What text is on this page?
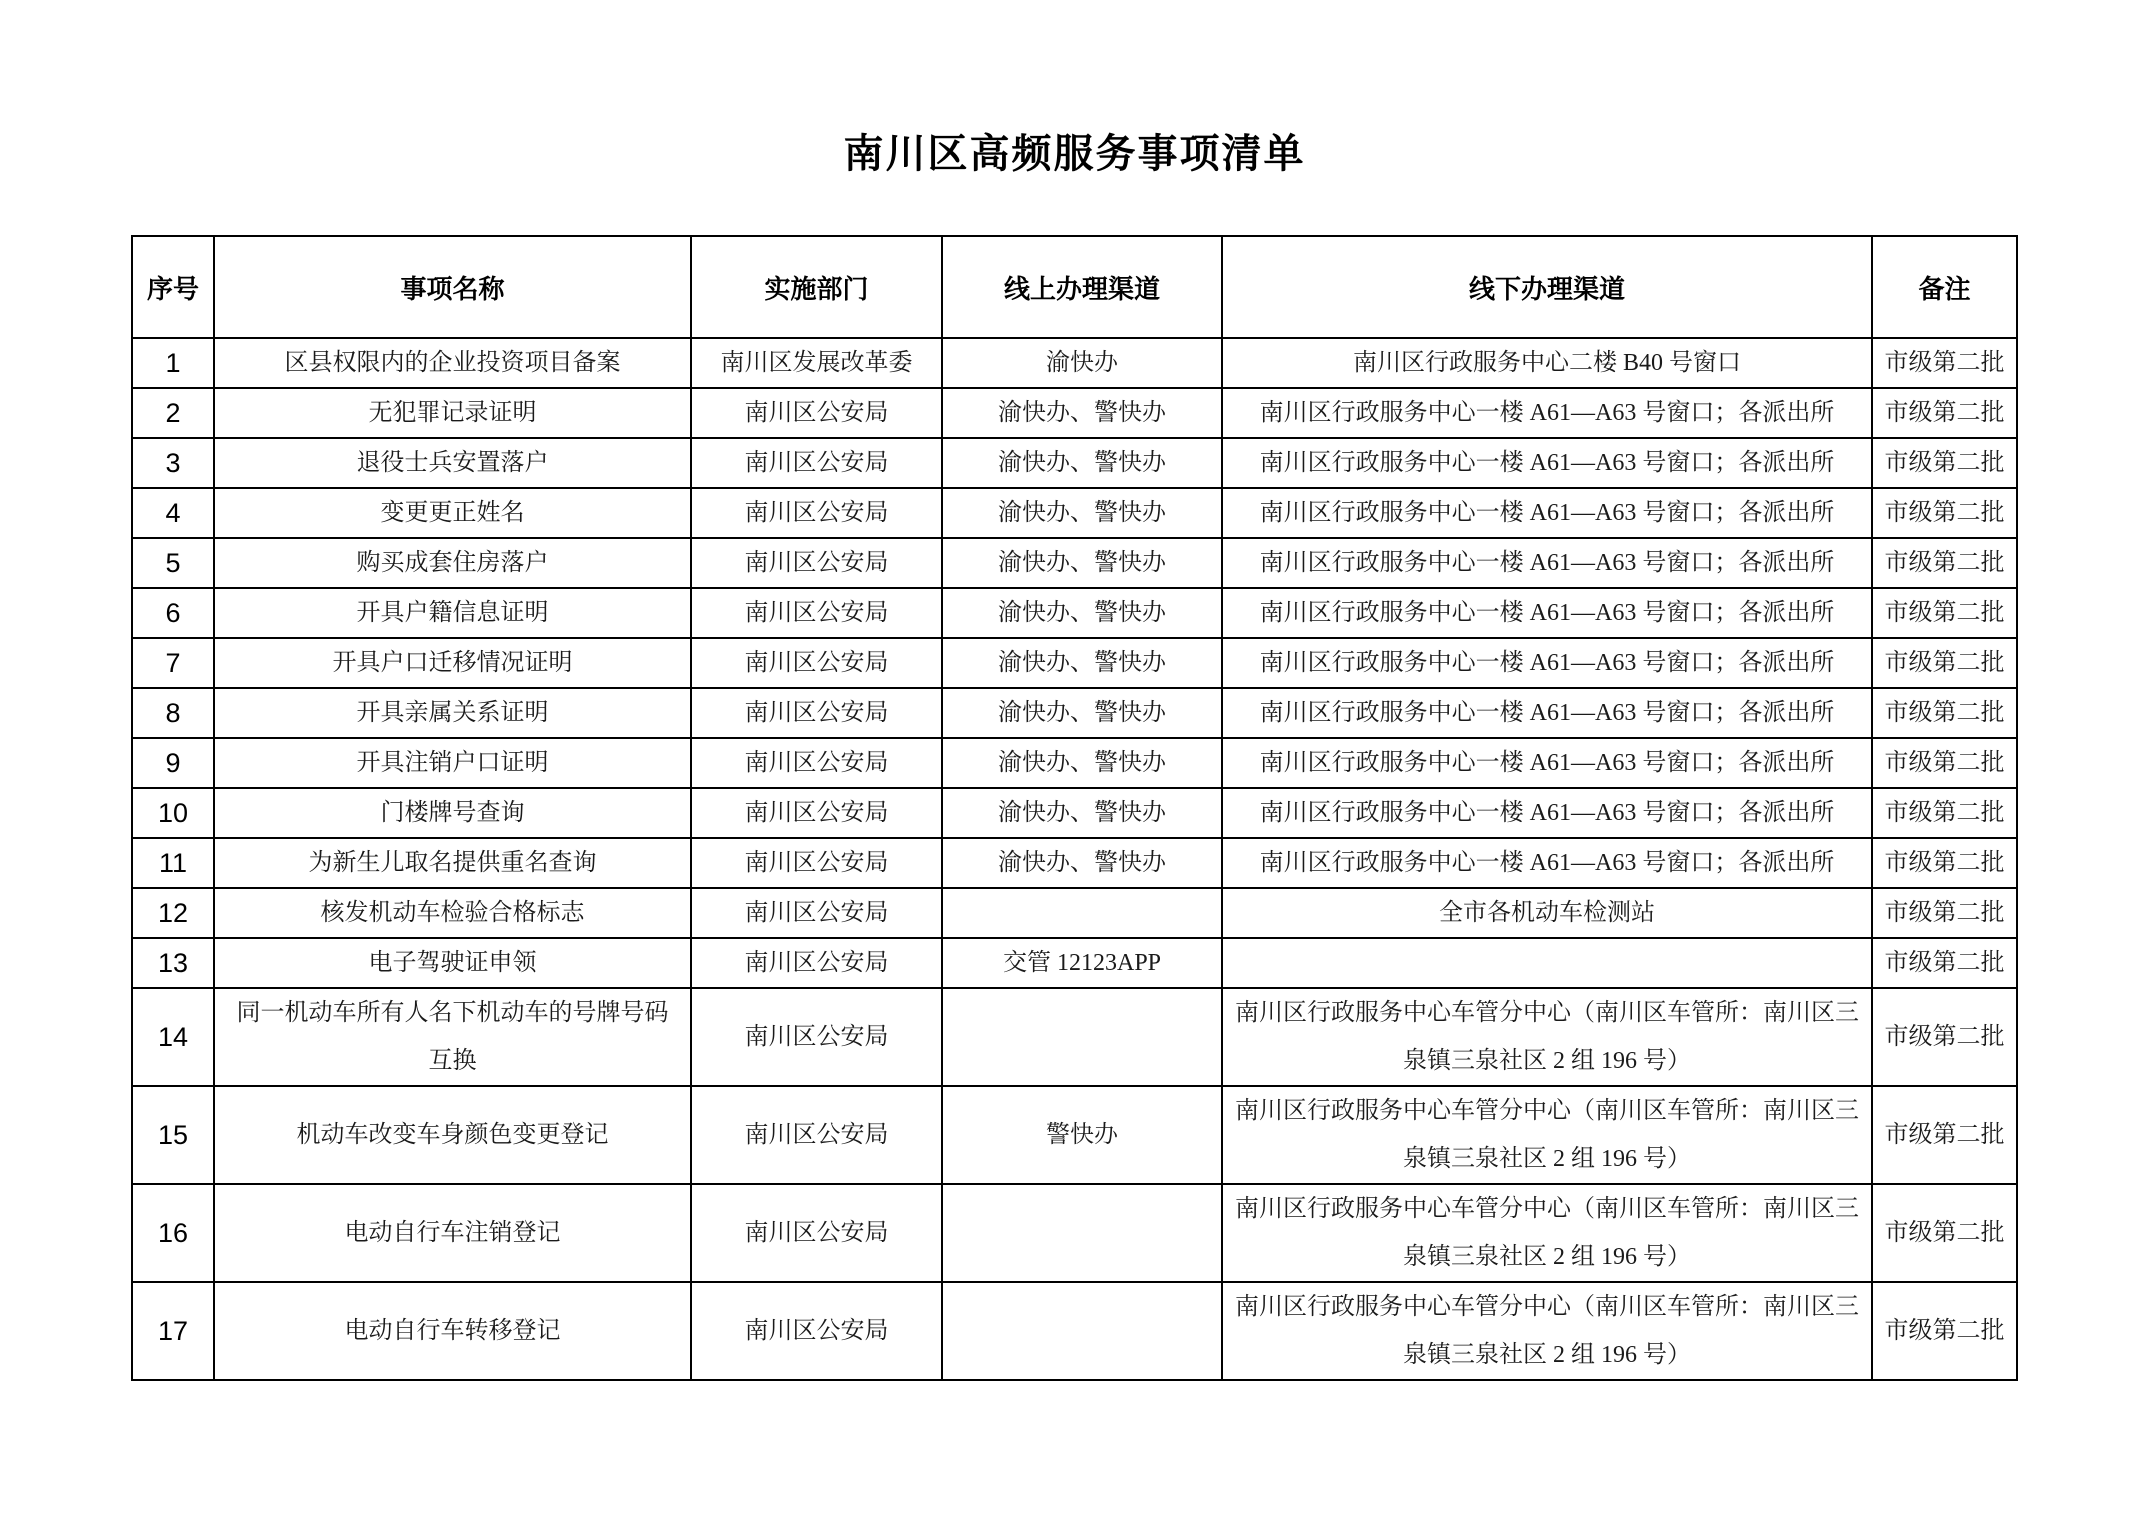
南川区高频服务事项清单
序号	事项名称	实施部门	线上办理渠道	线下办理渠道	备注
1	区县权限内的企业投资项目备案	南川区发展改革委	渝快办	南川区行政服务中心二楼 B40 号窗口	市级第二批
2	无犯罪记录证明	南川区公安局	渝快办、警快办	南川区行政服务中心一楼 A61—A63 号窗口；各派出所	市级第二批
3	退役士兵安置落户	南川区公安局	渝快办、警快办	南川区行政服务中心一楼 A61—A63 号窗口；各派出所	市级第二批
4	变更更正姓名	南川区公安局	渝快办、警快办	南川区行政服务中心一楼 A61—A63 号窗口；各派出所	市级第二批
5	购买成套住房落户	南川区公安局	渝快办、警快办	南川区行政服务中心一楼 A61—A63 号窗口；各派出所	市级第二批
6	开具户籍信息证明	南川区公安局	渝快办、警快办	南川区行政服务中心一楼 A61—A63 号窗口；各派出所	市级第二批
7	开具户口迁移情况证明	南川区公安局	渝快办、警快办	南川区行政服务中心一楼 A61—A63 号窗口；各派出所	市级第二批
8	开具亲属关系证明	南川区公安局	渝快办、警快办	南川区行政服务中心一楼 A61—A63 号窗口；各派出所	市级第二批
9	开具注销户口证明	南川区公安局	渝快办、警快办	南川区行政服务中心一楼 A61—A63 号窗口；各派出所	市级第二批
10	门楼牌号查询	南川区公安局	渝快办、警快办	南川区行政服务中心一楼 A61—A63 号窗口；各派出所	市级第二批
11	为新生儿取名提供重名查询	南川区公安局	渝快办、警快办	南川区行政服务中心一楼 A61—A63 号窗口；各派出所	市级第二批
12	核发机动车检验合格标志	南川区公安局		全市各机动车检测站	市级第二批
13	电子驾驶证申领	南川区公安局	交管 12123APP		市级第二批
14	同一机动车所有人名下机动车的号牌号码互换	南川区公安局		南川区行政服务中心车管分中心（南川区车管所：南川区三泉镇三泉社区 2 组 196 号）	市级第二批
15	机动车改变车身颜色变更登记	南川区公安局	警快办	南川区行政服务中心车管分中心（南川区车管所：南川区三泉镇三泉社区 2 组 196 号）	市级第二批
16	电动自行车注销登记	南川区公安局		南川区行政服务中心车管分中心（南川区车管所：南川区三泉镇三泉社区 2 组 196 号）	市级第二批
17	电动自行车转移登记	南川区公安局		南川区行政服务中心车管分中心（南川区车管所：南川区三泉镇三泉社区 2 组 196 号）	市级第二批
